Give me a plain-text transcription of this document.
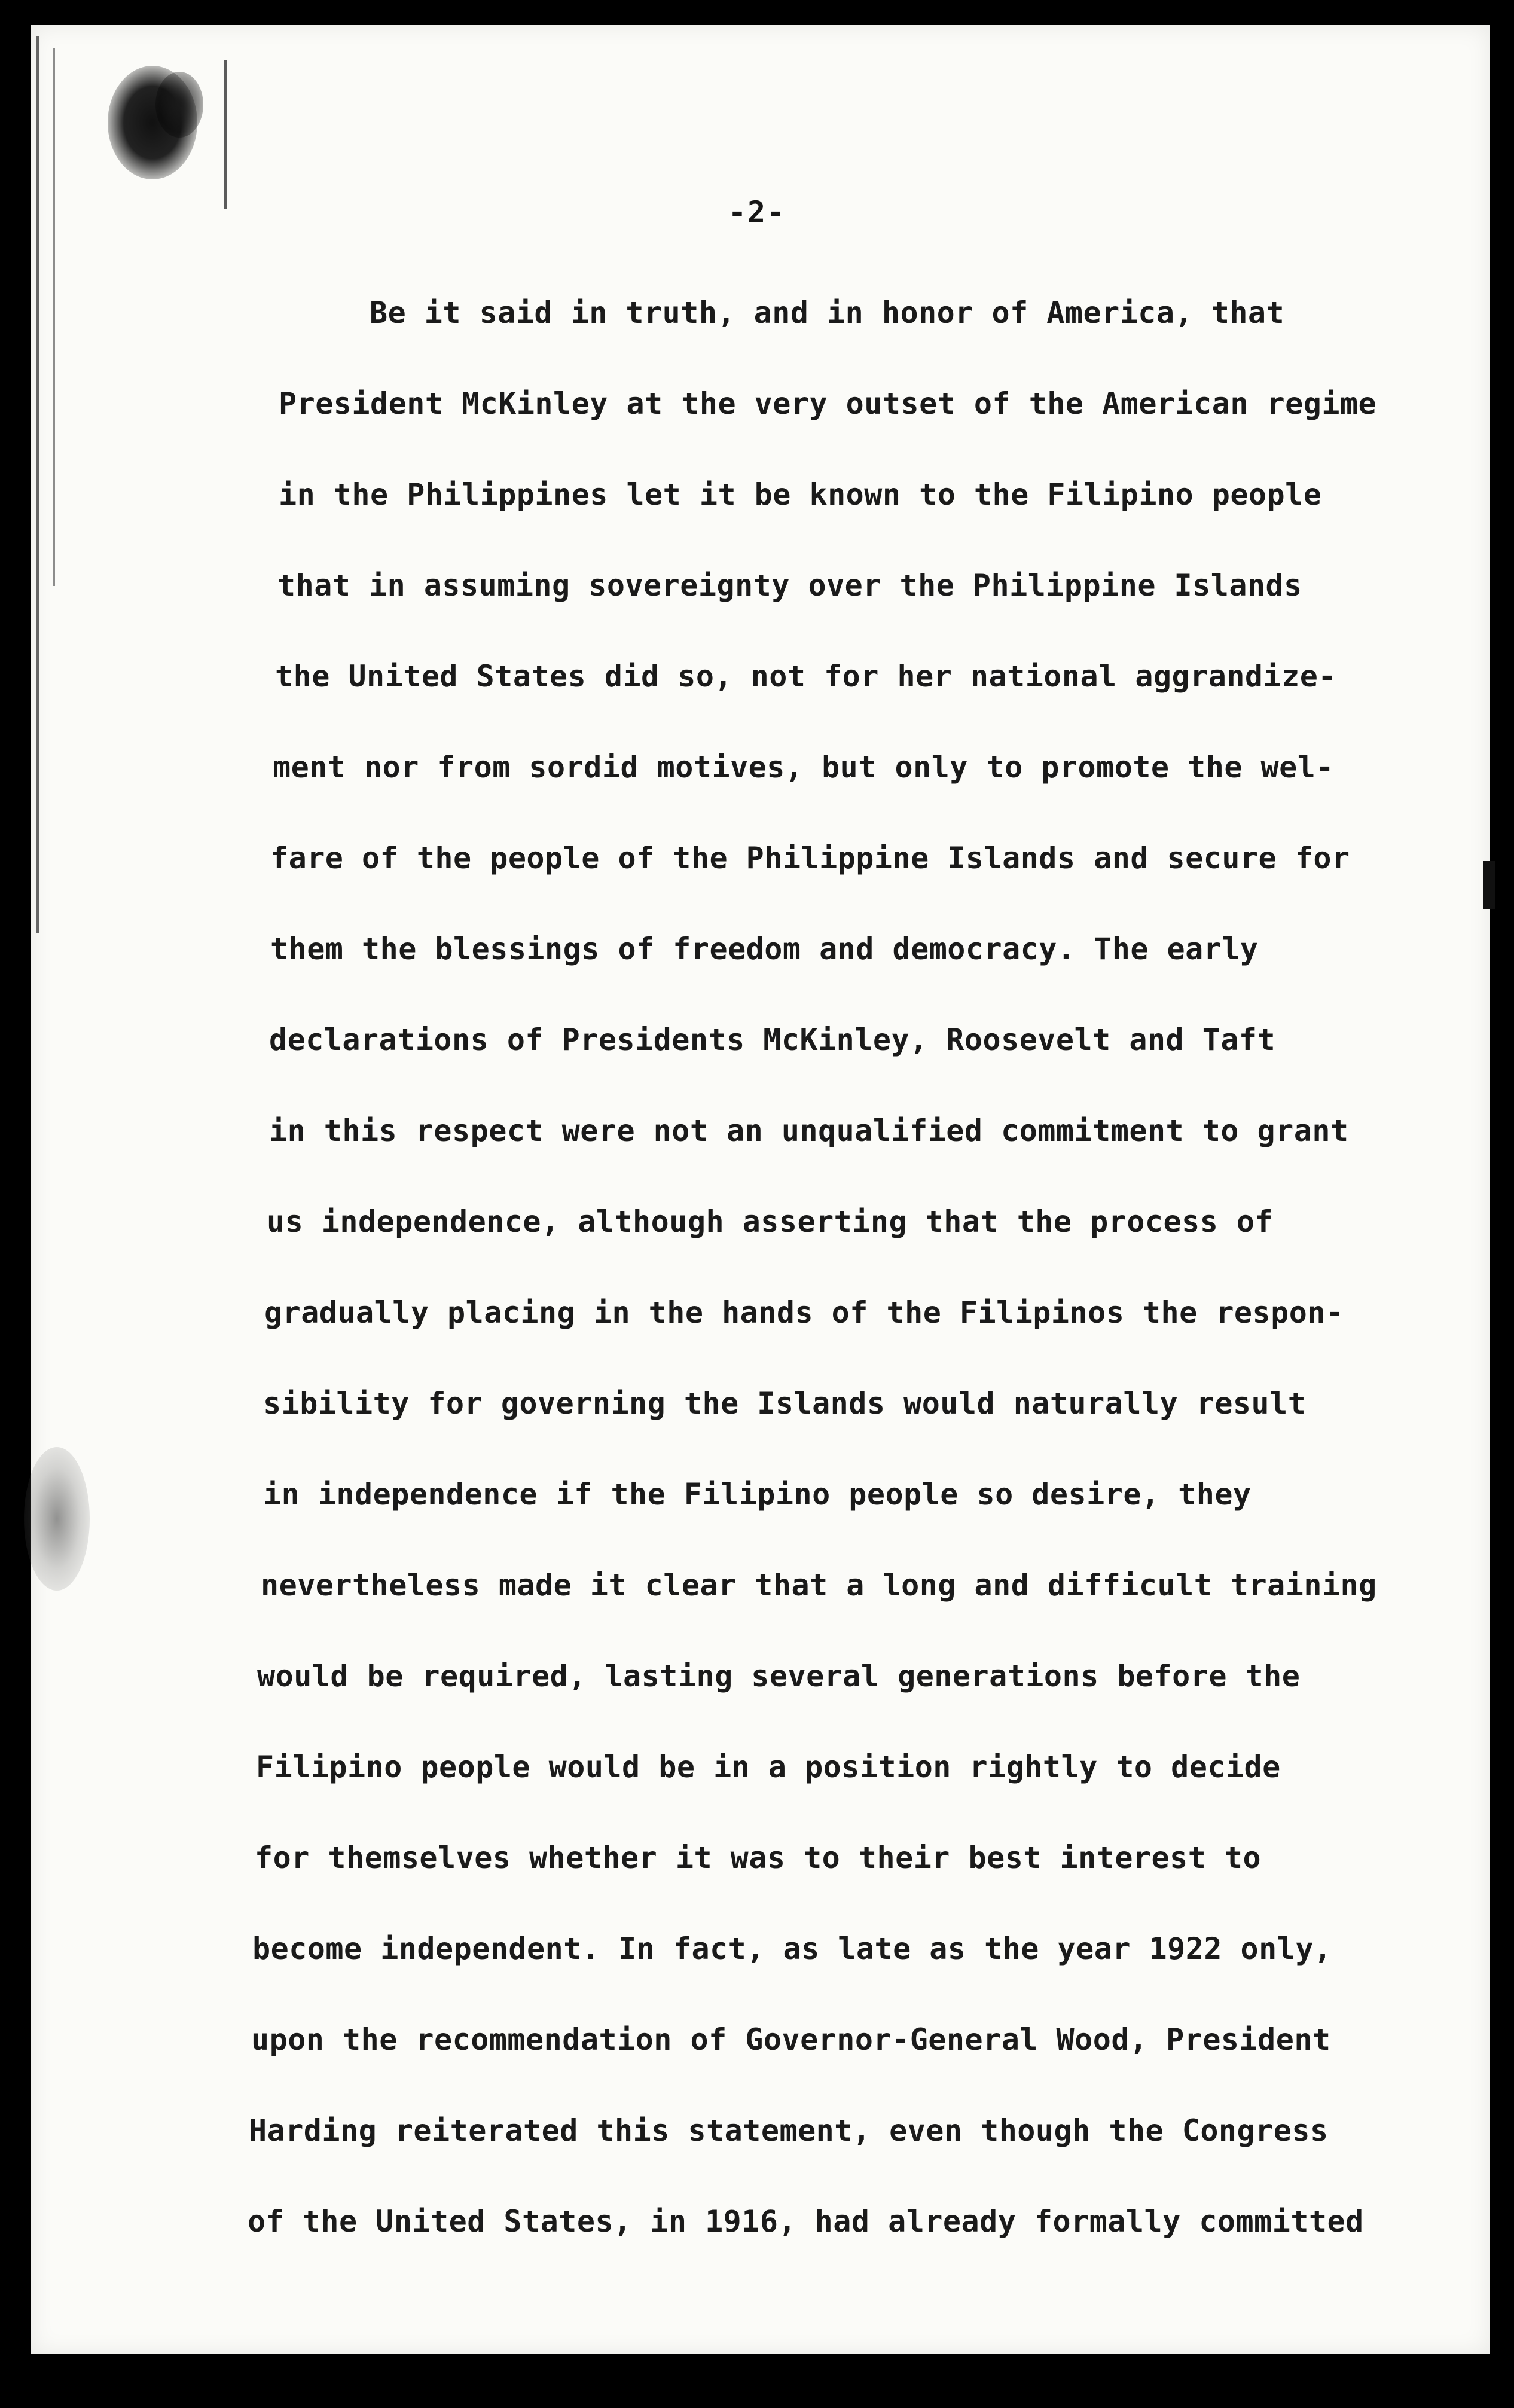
-2-
Be it said in truth, and in honor of America, that
President McKinley at the very outset of the American regime
in the Philippines let it be known to the Filipino people
that in assuming sovereignty over the Philippine Islands
the United States did so, not for her national aggrandize-
ment nor from sordid motives, but only to promote the wel-
fare of the people of the Philippine Islands and secure for
them the blessings of freedom and democracy. The early
declarations of Presidents McKinley, Roosevelt and Taft
in this respect were not an unqualified commitment to grant
us independence, although asserting that the process of
gradually placing in the hands of the Filipinos the respon-
sibility for governing the Islands would naturally result
in independence if the Filipino people so desire, they
nevertheless made it clear that a long and difficult training
would be required, lasting several generations before the
Filipino people would be in a position rightly to decide
for themselves whether it was to their best interest to
become independent. In fact, as late as the year 1922 only,
upon the recommendation of Governor-General Wood, President
Harding reiterated this statement, even though the Congress
of the United States, in 1916, had already formally committed
